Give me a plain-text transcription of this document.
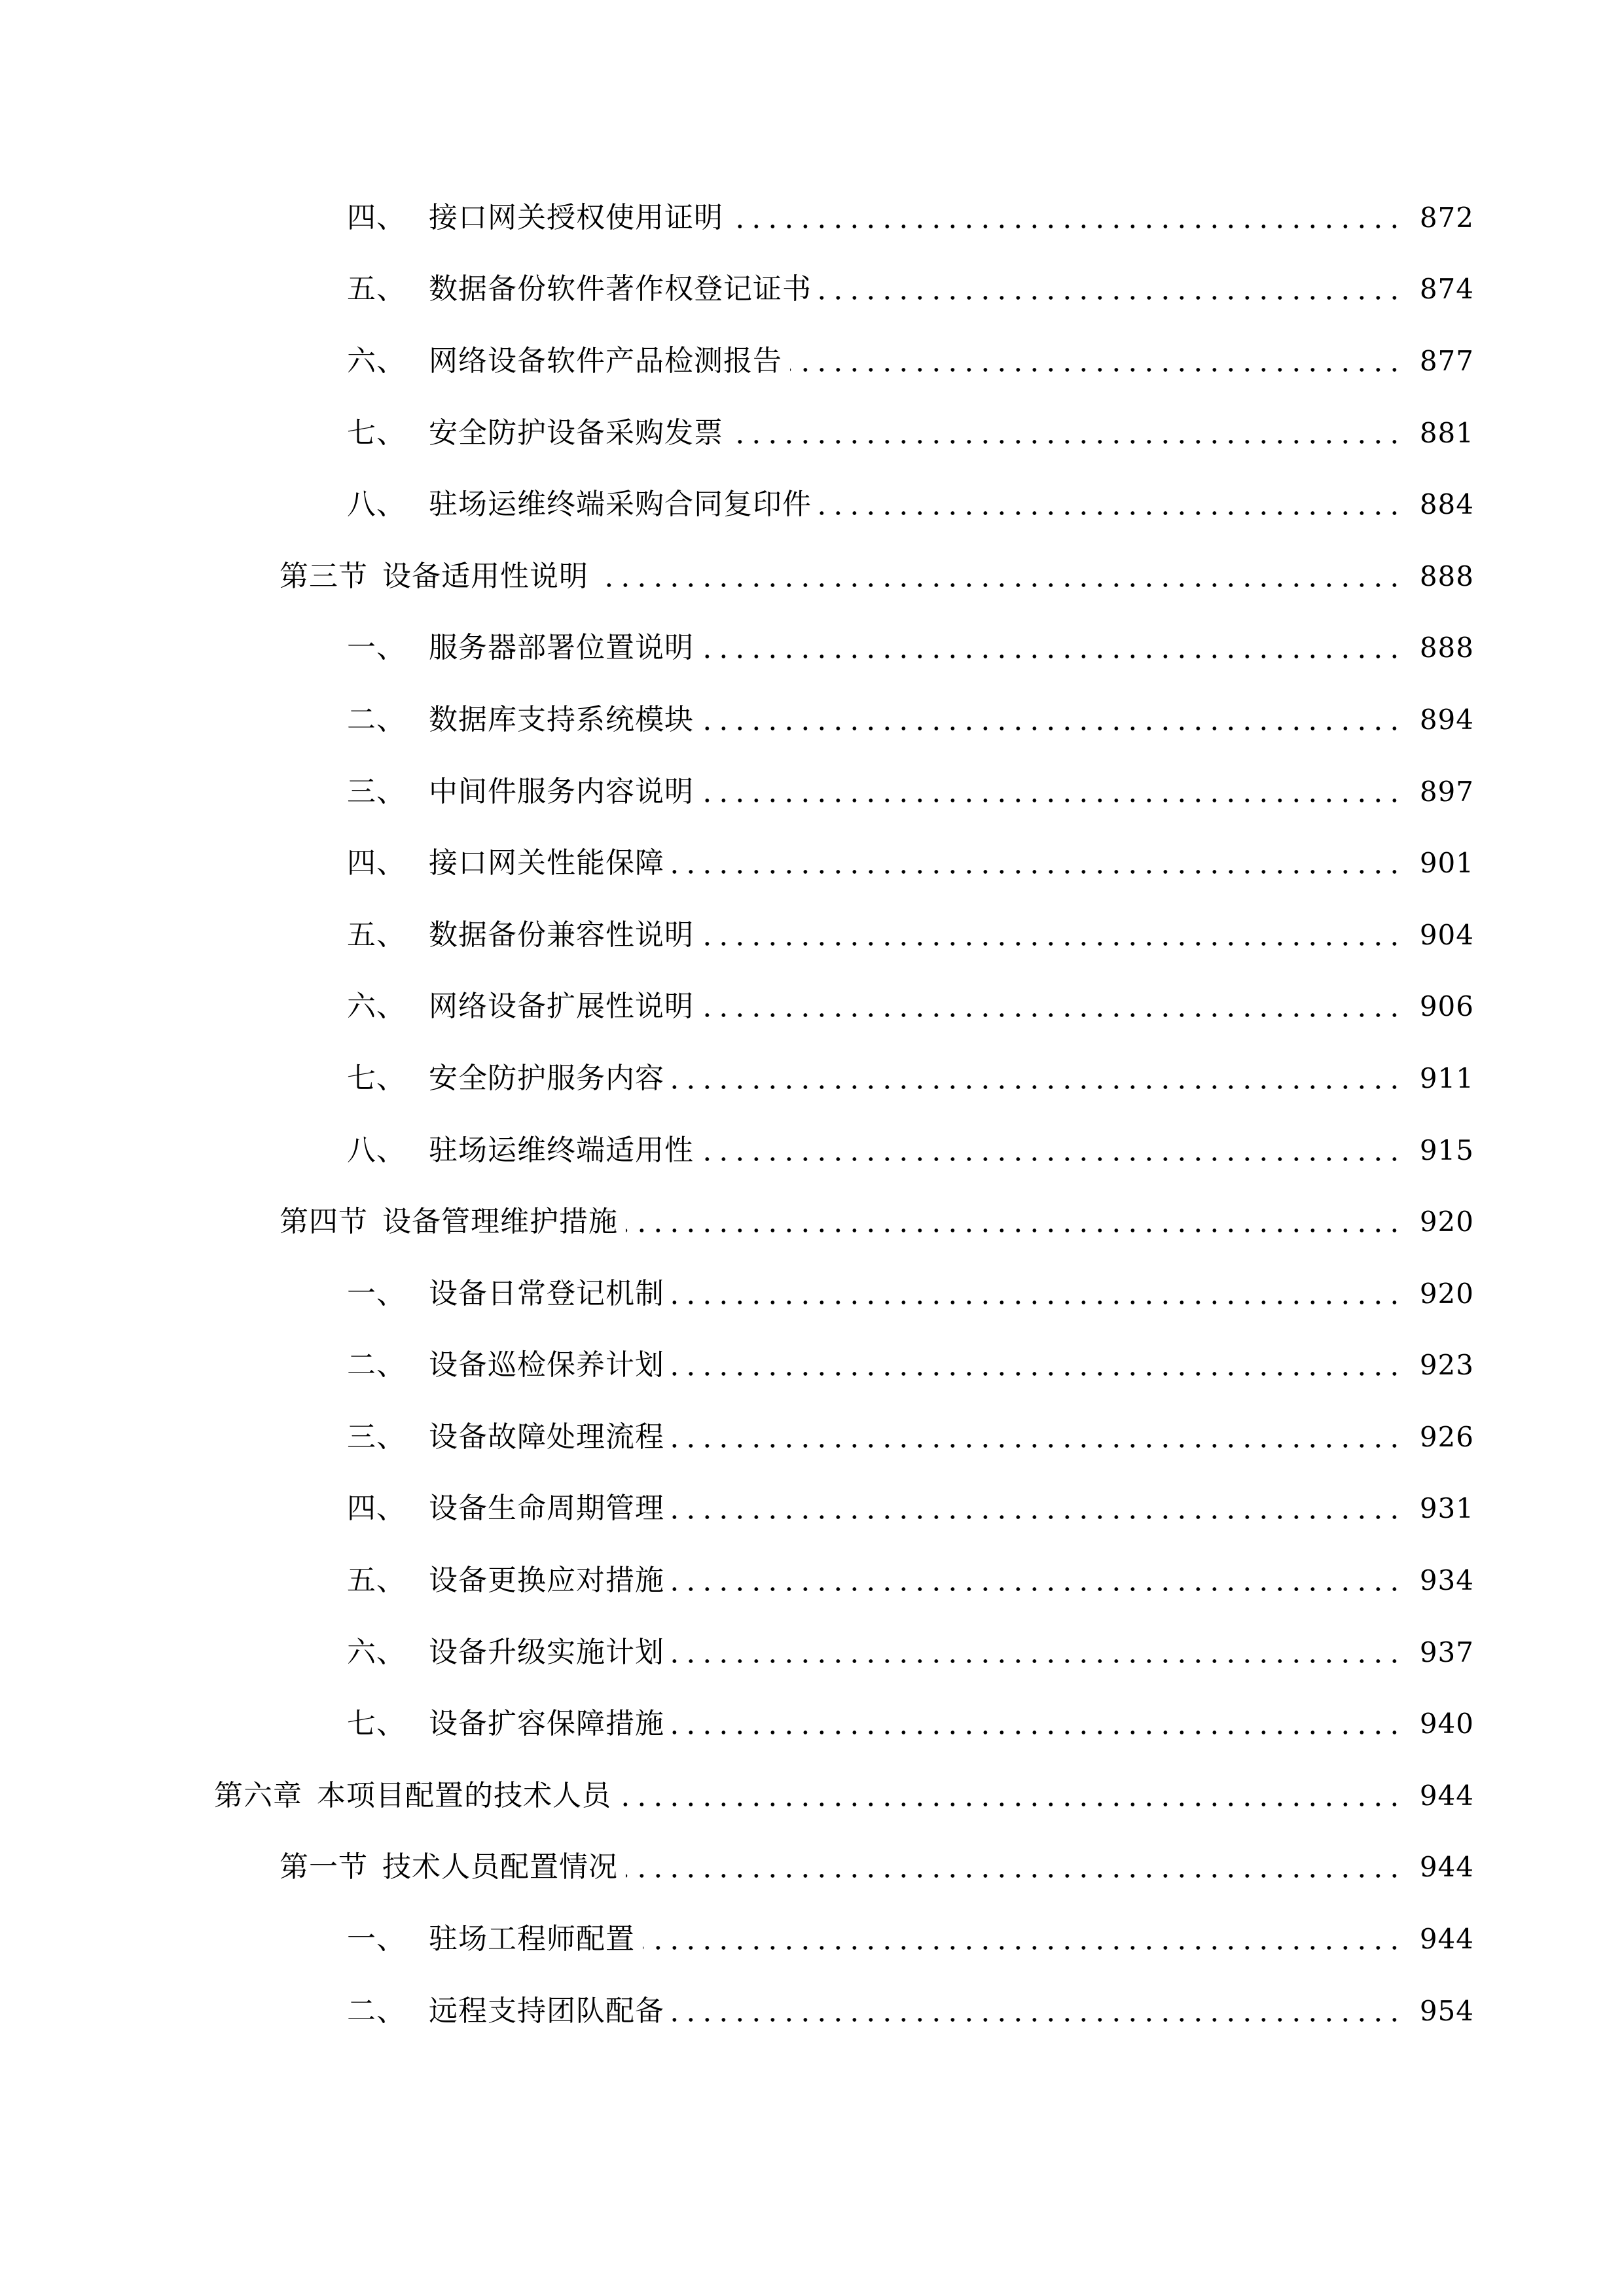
四、 接口网关授权使用证明	872
五、 数据备份软件著作权登记证书	874
六、 网络设备软件产品检测报告	877
七、 安全防护设备采购发票	881
八、 驻场运维终端采购合同复印件	884
第三节 设备适用性说明	888
一、 服务器部署位置说明	888
二、 数据库支持系统模块	894
三、 中间件服务内容说明	897
四、 接口网关性能保障	901
五、 数据备份兼容性说明	904
六、 网络设备扩展性说明	906
七、 安全防护服务内容	911
八、 驻场运维终端适用性	915
第四节 设备管理维护措施	920
一、 设备日常登记机制	920
二、 设备巡检保养计划	923
三、 设备故障处理流程	926
四、 设备生命周期管理	931
五、 设备更换应对措施	934
六、 设备升级实施计划	937
七、 设备扩容保障措施	940
第六章 本项目配置的技术人员	944
第一节 技术人员配置情况	944
一、 驻场工程师配置	944
二、 远程支持团队配备	954
